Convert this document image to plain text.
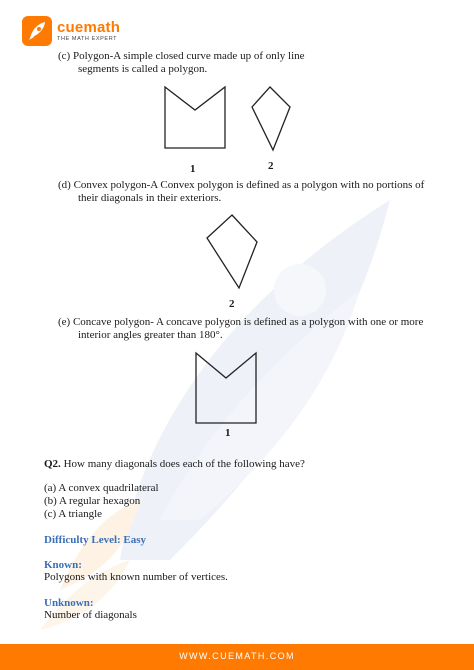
cuemath
THE MATH EXPERT
(c) Polygon-A simple closed curve made up of only line
segments is called a polygon.
1	2
(d) Convex polygon-A Convex polygon is defined as a polygon with no portions of
their diagonals in their exteriors.
2
(e) Concave polygon- A concave polygon is defined as a polygon with one or more
interior angles greater than 180°.
1
Q2. How many diagonals does each of the following have?
(a) A convex quadrilateral
(b) A regular hexagon
(c) A triangle
Difficulty Level: Easy
Known:
Polygons with known number of vertices.
Unknown:
Number of diagonals
WWW.CUEMATH.COM
